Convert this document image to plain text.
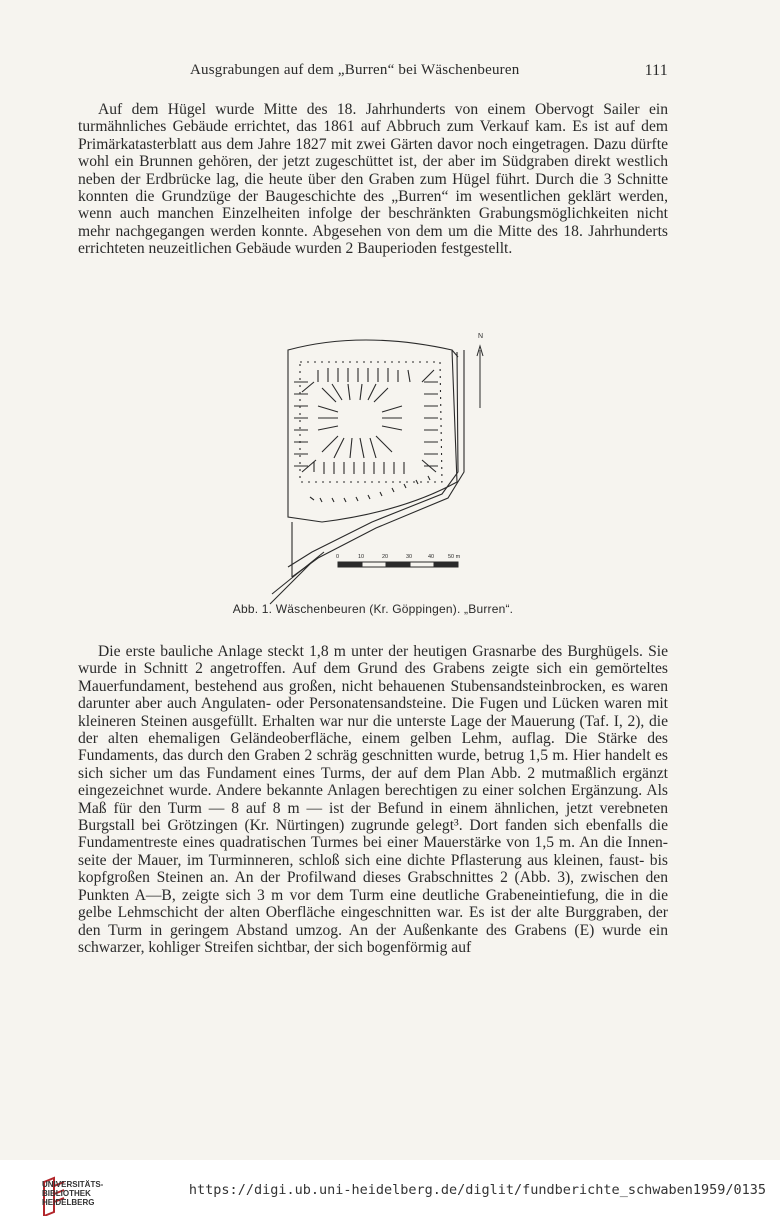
Ausgrabungen auf dem „Burren“ bei Wäschenbeuren	111

Auf dem Hügel wurde Mitte des 18. Jahrhunderts von einem Obervogt Sailer ein turmähnliches Gebäude errichtet, das 1861 auf Abbruch zum Verkauf kam. Es ist auf dem Primärkatasterblatt aus dem Jahre 1827 mit zwei Gärten davor noch eingetragen. Dazu dürfte wohl ein Brunnen gehören, der jetzt zugeschüttet ist, der aber im Südgraben direkt westlich neben der Erdbrücke lag, die heute über den Graben zum Hügel führt. Durch die 3 Schnitte konnten die Grundzüge der Baugeschichte des „Burren“ im wesentlichen geklärt werden, wenn auch manchen Einzelheiten infolge der beschränkten Grabungsmöglichkeiten nicht mehr nachgegangen werden konnte. Abgesehen von dem um die Mitte des 18. Jahrhunderts errichteten neuzeitlichen Gebäude wurden 2 Bauperioden festgestellt.

N
0	10	20	30	40	50 m
Abb. 1. Wäschenbeuren (Kr. Göppingen). „Burren“.

Die erste bauliche Anlage steckt 1,8 m unter der heutigen Grasnarbe des Burghügels. Sie wurde in Schnitt 2 angetroffen. Auf dem Grund des Grabens zeigte sich ein gemörteltes Mauerfundament, bestehend aus großen, nicht behauenen Stubensandsteinbrocken, es waren darunter aber auch Angulaten- oder Personatensandsteine. Die Fugen und Lücken waren mit kleineren Steinen ausgefüllt. Erhalten war nur die unterste Lage der Mauerung (Taf. I, 2), die der alten ehemaligen Geländeoberfläche, einem gelben Lehm, auflag. Die Stärke des Fundaments, das durch den Graben 2 schräg geschnitten wurde, betrug 1,5 m. Hier handelt es sich sicher um das Fundament eines Turms, der auf dem Plan Abb. 2 mutmaßlich ergänzt eingezeichnet wurde. Andere bekannte Anlagen berechtigen zu einer solchen Ergänzung. Als Maß für den Turm — 8 auf 8 m — ist der Befund in einem ähnlichen, jetzt verebneten Burgstall bei Grötzingen (Kr. Nürtingen) zugrunde gelegt³. Dort fanden sich ebenfalls die Fundamentreste eines quadratischen Turmes bei einer Mauerstärke von 1,5 m. An die Innenseite der Mauer, im Turminneren, schloß sich eine dichte Pflasterung aus kleinen, faust- bis kopfgroßen Steinen an. An der Profilwand dieses Grabschnittes 2 (Abb. 3), zwischen den Punkten A—B, zeigte sich 3 m vor dem Turm eine deutliche Grabeneintiefung, die in die gelbe Lehmschicht der alten Oberfläche eingeschnitten war. Es ist der alte Burggraben, der den Turm in geringem Abstand umzog. An der Außenkante des Grabens (E) wurde ein schwarzer, kohliger Streifen sichtbar, der sich bogenförmig auf

UNIVERSITÄTS-
BIBLIOTHEK
HEIDELBERG
https://digi.ub.uni-heidelberg.de/diglit/fundberichte_schwaben1959/0135
